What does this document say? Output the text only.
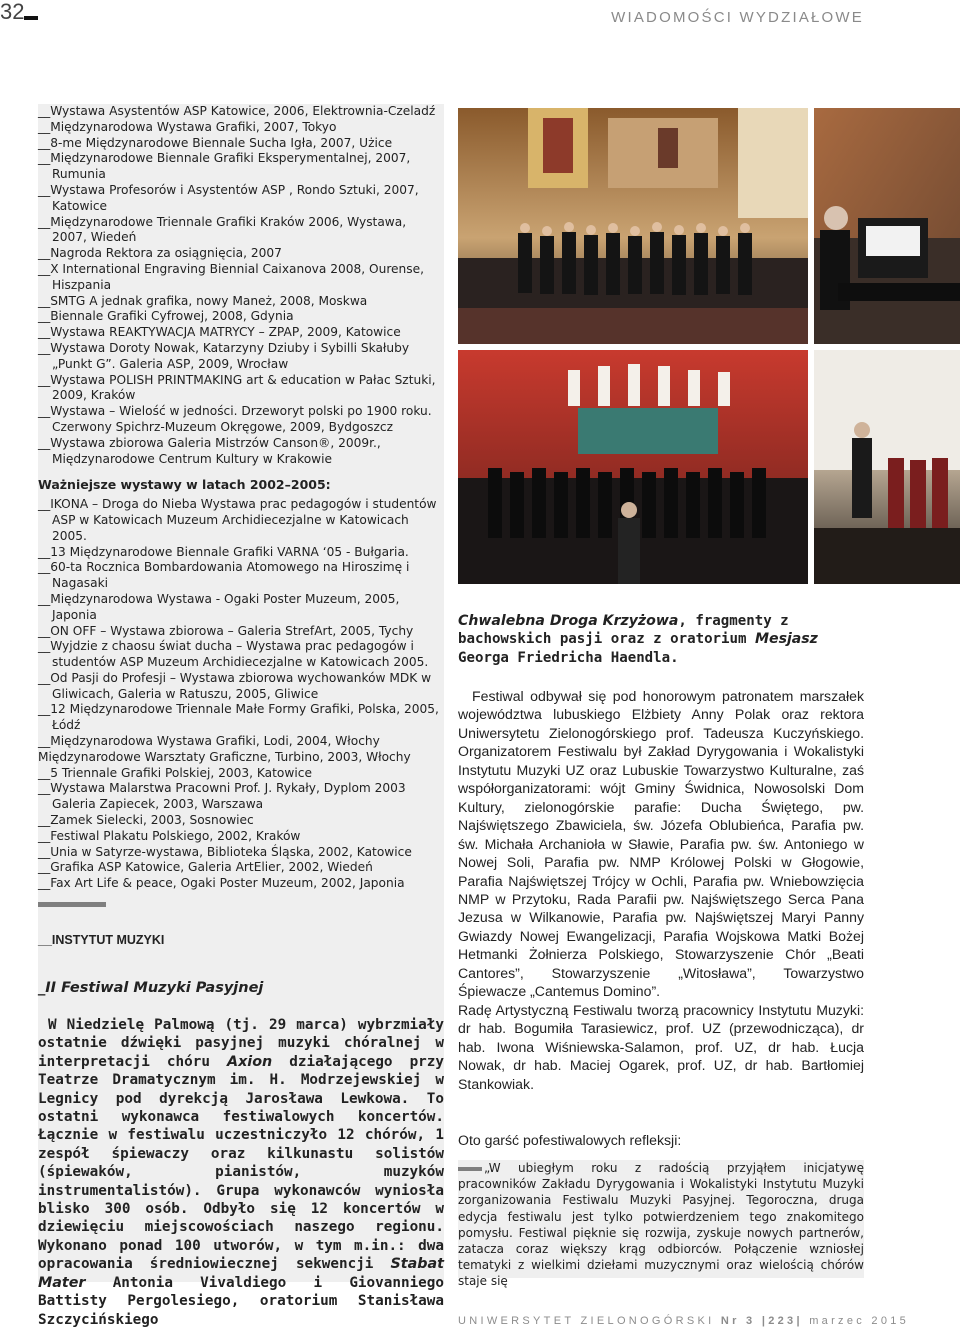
32	WIADOMOŚCI WYDZIAŁOWE
__Wystawa Asystentów ASP Katowice, 2006, Elektrownia-Czeladź
__Międzynarodowa Wystawa Grafiki, 2007, Tokyo
__8-me Międzynarodowe Biennale Sucha Igła, 2007, Użice
__Międzynarodowe Biennale Grafiki Eksperymentalnej, 2007, Rumunia
__Wystawa Profesorów i Asystentów ASP , Rondo Sztuki, 2007, Katowice
__Międzynarodowe Triennale Grafiki Kraków 2006, Wystawa, 2007, Wiedeń
__Nagroda Rektora za osiągnięcia, 2007
__X International Engraving Biennial Caixanova 2008, Ourense, Hiszpania
__SMTG A jednak grafika, nowy Maneż, 2008, Moskwa
__Biennale Grafiki Cyfrowej, 2008, Gdynia
__Wystawa REAKTYWACJA MATRYCY – ZPAP, 2009, Katowice
__Wystawa Doroty Nowak, Katarzyny Dziuby i Sybilli Skałuby „Punkt G”. Galeria ASP, 2009, Wrocław
__Wystawa POLISH PRINTMAKING art & education w Pałac Sztuki, 2009, Kraków
__Wystawa – Wielość w jedności. Drzeworyt polski po 1900 roku. Czerwony Spichrz-Muzeum Okręgowe, 2009, Bydgoszcz
__Wystawa zbiorowa Galeria Mistrzów Canson®, 2009r., Międzynarodowe Centrum Kultury w Krakowie
Ważniejsze wystawy w latach 2002–2005:
__IKONA – Droga do Nieba Wystawa prac pedagogów i studentów ASP w Katowicach Muzeum Archidiecezjalne w Katowicach 2005.
__13 Międzynarodowe Biennale Grafiki VARNA ‘05 - Bułgaria.
__60-ta Rocznica Bombardowania Atomowego na Hiroszimę i Nagasaki
__Międzynarodowa Wystawa - Ogaki Poster Muzeum, 2005, Japonia
__ON OFF – Wystawa zbiorowa – Galeria StrefArt, 2005, Tychy
__Wyjdzie z chaosu świat ducha – Wystawa prac pedagogów i studentów ASP Muzeum Archidiecezjalne w Katowicach 2005.
__Od Pasji do Profesji – Wystawa zbiorowa wychowanków MDK w Gliwicach, Galeria w Ratuszu, 2005, Gliwice
__12 Międzynarodowe Triennale Małe Formy Grafiki, Polska, 2005, Łódź
__Międzynarodowa Wystawa Grafiki, Lodi, 2004, Włochy
Międzynarodowe Warsztaty Graficzne, Turbino, 2003, Włochy
__5 Triennale Grafiki Polskiej, 2003, Katowice
__Wystawa Malarstwa Pracowni Prof. J. Rykały, Dyplom 2003 Galeria Zapiecek, 2003, Warszawa
__Zamek Sielecki, 2003, Sosnowiec
__Festiwal Plakatu Polskiego, 2002, Kraków
__Unia w Satyrze-wystawa, Biblioteka Śląska, 2002, Katowice
__Grafika ASP Katowice, Galeria ArtElier, 2002, Wiedeń
__Fax Art Life & peace, Ogaki Poster Muzeum, 2002, Japonia
__INSTYTUT MUZYKI
_II Festiwal Muzyki Pasyjnej

W Niedzielę Palmową (tj. 29 marca) wybrzmiały ostatnie dźwięki pasyjnej muzyki chóralnej w interpretacji chóru Axion działającego przy Teatrze Dramatycznym im. H. Modrzejewskiej w Legnicy pod dyrekcją Jarosława Lewkowa. To ostatni wykonawca festiwalowych koncertów. Łącznie w festiwalu uczestniczyło 12 chórów, 1 zespół śpiewaczy oraz kilkunastu solistów (śpiewaków, pianistów, muzyków instrumentalistów). Grupa wykonawców wyniosła blisko 300 osób. Odbyło się 12 koncertów w dziewięciu miejscowościach naszego regionu. Wykonano ponad 100 utworów, w tym m.in.: dwa opracowania średniowiecznej sekwencji Stabat Mater Antonia Vivaldiego i Giovanniego Battisty Pergolesiego, oratorium Stanisława Szczycińskiego

Chwalebna Droga Krzyżowa, fragmenty z bachowskich pasji oraz z oratorium Mesjasz Georga Friedricha Haendla.

Festiwal odbywał się pod honorowym patronatem marszałek województwa lubuskiego Elżbiety Anny Polak oraz rektora Uniwersytetu Zielonogórskiego prof. Tadeusza Kuczyńskiego. Organizatorem Festiwalu był Zakład Dyrygowania i Wokalistyki Instytutu Muzyki UZ oraz Lubuskie Towarzystwo Kulturalne, zaś współorganizatorami: wójt Gminy Świdnica, Nowosolski Dom Kultury, zielonogórskie parafie: Ducha Świętego, pw. Najświętszego Zbawiciela, św. Józefa Oblubieńca, Parafia pw. św. Michała Archanioła w Sławie, Parafia pw. św. Antoniego w Nowej Soli, Parafia pw. NMP Królowej Polski w Głogowie, Parafia Najświętszej Trójcy w Ochli, Parafia pw. Wniebowzięcia NMP w Przytoku, Rada Parafii pw. Najświętszego Serca Pana Jezusa w Wilkanowie, Parafia pw. Najświętszej Maryi Panny Gwiazdy Nowej Ewangelizacji, Parafia Wojskowa Matki Bożej Hetmanki Żołnierza Polskiego, Stowarzyszenie Chór „Beati Cantores”, Stowarzyszenie „Witosława”, Towarzystwo Śpiewacze „Cantemus Domino”.

Radę Artystyczną Festiwalu tworzą pracownicy Instytutu Muzyki: dr hab. Bogumiła Tarasiewicz, prof. UZ (przewodnicząca), dr hab. Iwona Wiśniewska-Salamon, prof. UZ, dr hab. Łucja Nowak, dr hab. Maciej Ogarek, prof. UZ, dr hab. Bartłomiej Stankowiak.

Oto garść pofestiwalowych refleksji:
„W ubiegłym roku z radością przyjąłem inicjatywę pracowników Zakładu Dyrygowania i Wokalistyki Instytutu Muzyki zorganizowania Festiwalu Muzyki Pasyjnej. Tegoroczna, druga edycja festiwalu jest tylko potwierdzeniem tego znakomitego pomysłu. Festiwal pięknie się rozwija, zyskuje nowych partnerów, zatacza coraz większy krąg odbiorców. Połączenie wzniosłej tematyki z wielkimi dziełami muzycznymi oraz wielością chórów staje się
UNIWERSYTET ZIELONOGÓRSKI Nr 3 |223| marzec 2015
